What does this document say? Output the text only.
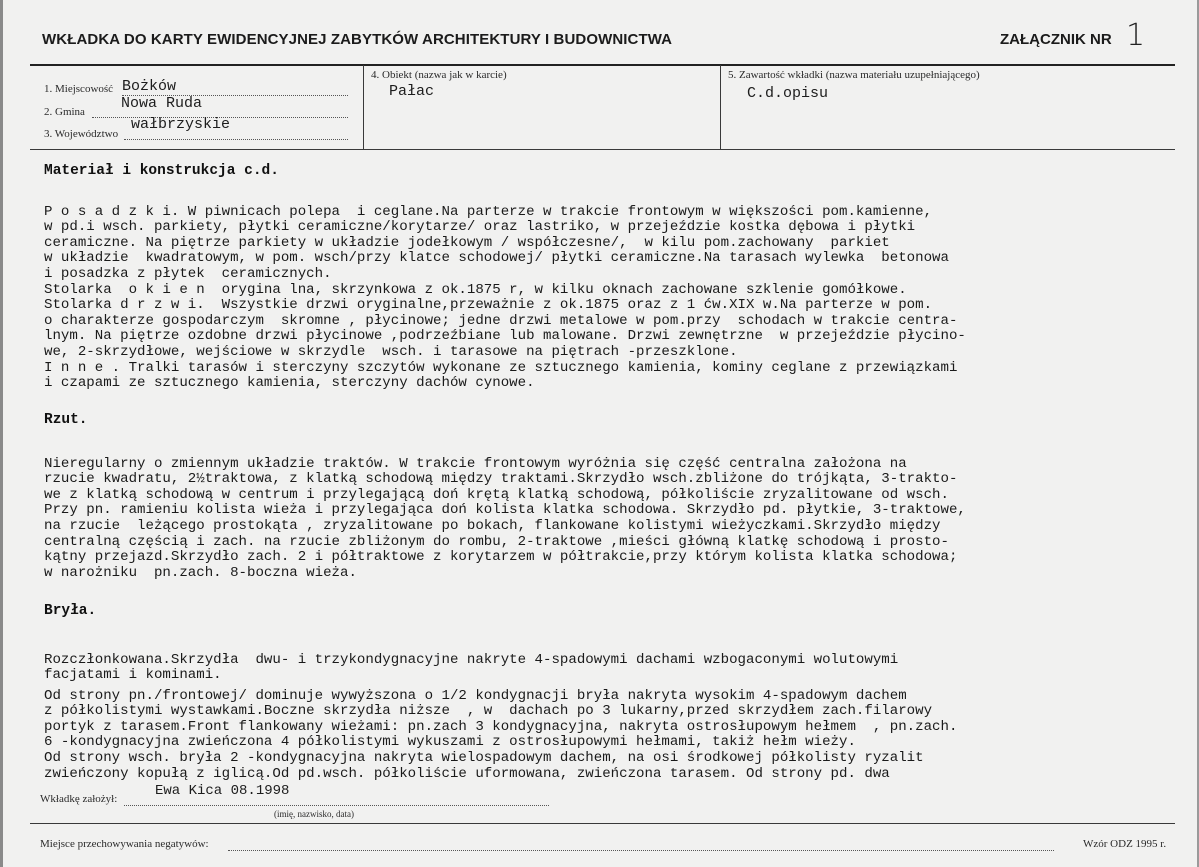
WKŁADKA DO KARTY EWIDENCYJNEJ ZABYTKÓW ARCHITEKTURY I BUDOWNICTWA	ZAŁĄCZNIK NR 1
1. Miejscowość Bożków
2. Gmina Nowa Ruda
3. Województwo
wałbrzyskie
4. Obiekt (nazwa jak w karcie)
Pałac
5. Zawartość wkładki (nazwa materiału uzupełniającego)
C.d.opisu
Materiał i konstrukcja c.d.

P o s a d z k i. W piwnicach polepa  i ceglane.Na parterze w trakcie frontowym w większości pom.kamienne,
w pd.i wsch. parkiety, płytki ceramiczne/korytarze/ oraz lastriko, w przejeździe kostka dębowa i płytki
ceramiczne. Na piętrze parkiety w układzie jodełkowym / współczesne/,  w kilu pom.zachowany  parkiet
w układzie  kwadratowym, w pom. wsch/przy klatce schodowej/ płytki ceramiczne.Na tarasach wylewka  betonowa
i posadzka z płytek  ceramicznych.
Stolarka  o k i e n  orygina lna, skrzynkowa z ok.1875 r, w kilku oknach zachowane szklenie gomółkowe.
Stolarka d r z w i.  Wszystkie drzwi oryginalne,przeważnie z ok.1875 oraz z 1 ćw.XIX w.Na parterze w pom.
o charakterze gospodarczym  skromne , płycinowe; jedne drzwi metalowe w pom.przy  schodach w trakcie centra-
lnym. Na piętrze ozdobne drzwi płycinowe ,podrzeźbiane lub malowane. Drzwi zewnętrzne  w przejeździe płycino-
we, 2-skrzydłowe, wejściowe w skrzydle  wsch. i tarasowe na piętrach -przeszklone.
I n n e . Tralki tarasów i sterczyny szczytów wykonane ze sztucznego kamienia, kominy ceglane z przewiązkami
i czapami ze sztucznego kamienia, sterczyny dachów cynowe.

Rzut.

Nieregularny o zmiennym układzie traktów. W trakcie frontowym wyróżnia się część centralna założona na
rzucie kwadratu, 2½traktowa, z klatką schodową między traktami.Skrzydło wsch.zbliżone do trójkąta, 3-trakto-
we z klatką schodową w centrum i przylegającą doń krętą klatką schodową, półkoliście zryzalitowane od wsch.
Przy pn. ramieniu kolista wieża i przylegająca doń kolista klatka schodowa. Skrzydło pd. płytkie, 3-traktowe,
na rzucie  leżącego prostokąta , zryzalitowane po bokach, flankowane kolistymi wieżyczkami.Skrzydło między
centralną częścią i zach. na rzucie zbliżonym do rombu, 2-traktowe ,mieści główną klatkę schodową i prosto-
kątny przejazd.Skrzydło zach. 2 i półtraktowe z korytarzem w półtrakcie,przy którym kolista klatka schodowa;
w narożniku  pn.zach. 8-boczna wieża.

Bryła.

Rozczłonkowana.Skrzydła  dwu- i trzykondygnacyjne nakryte 4-spadowymi dachami wzbogaconymi wolutowymi
facjatami i kominami.

Od strony pn./frontowej/ dominuje wywyższona o 1/2 kondygnacji bryła nakryta wysokim 4-spadowym dachem
z półkolistymi wystawkami.Boczne skrzydła niższe  , w  dachach po 3 lukarny,przed skrzydłem zach.filarowy
portyk z tarasem.Front flankowany wieżami: pn.zach 3 kondygnacyjna, nakryta ostrosłupowym hełmem  , pn.zach.
6 -kondygnacyjna zwieńczona 4 półkolistymi wykuszami z ostrosłupowymi hełmami, takiż hełm wieży.
Od strony wsch. bryła 2 -kondygnacyjna nakryta wielospadowym dachem, na osi środkowej półkolisty ryzalit
zwieńczony kopułą z iglicą.Od pd.wsch. półkoliście uformowana, zwieńczona tarasem. Od strony pd. dwa

Wkładkę założył:	Ewa Kica 08.1998
(imię, nazwisko, data)
Miejsce przechowywania negatywów:	Wzór ODZ 1995 r.
